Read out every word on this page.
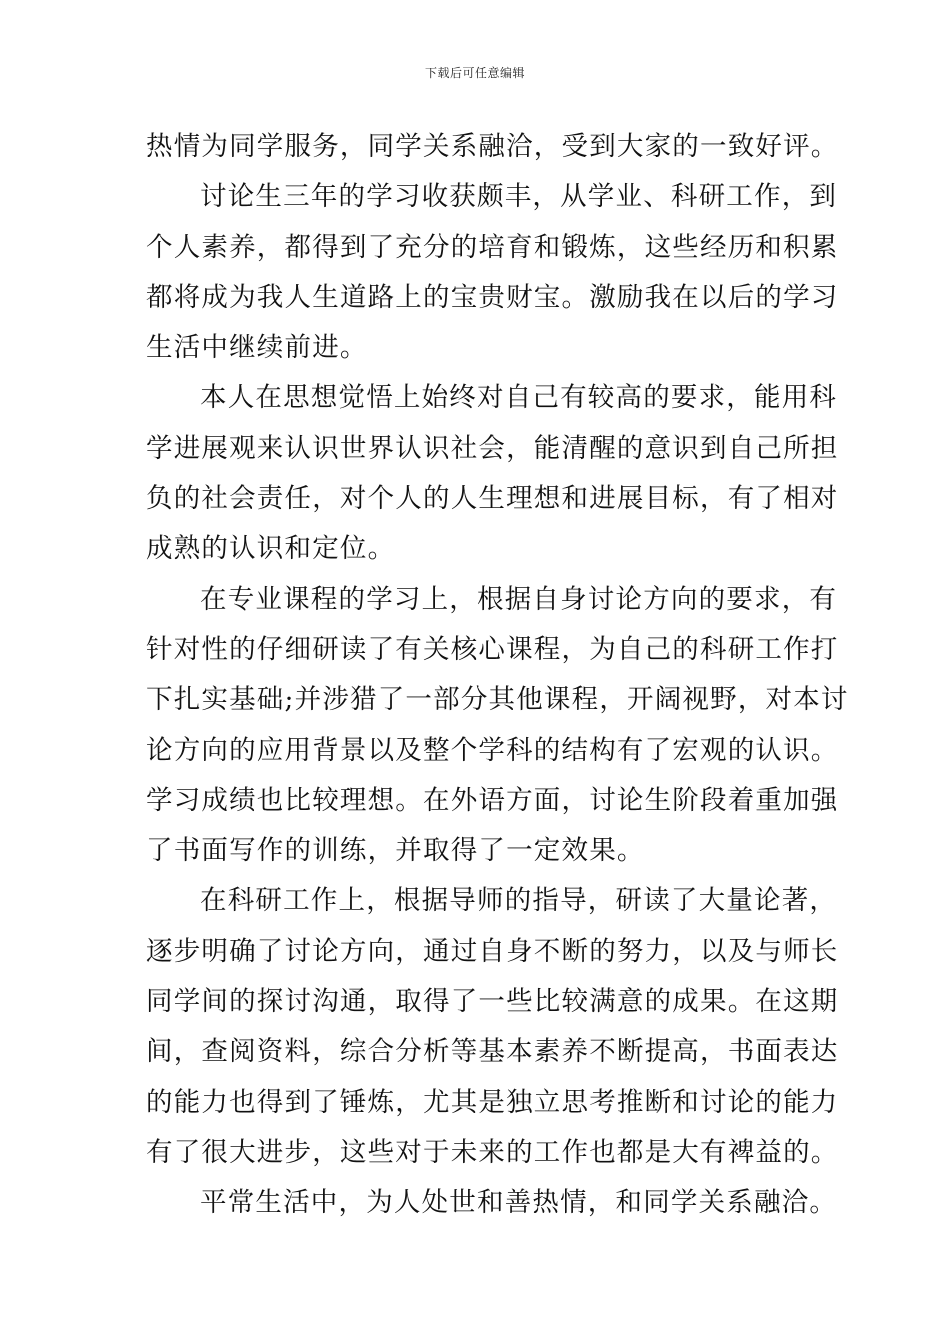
下载后可任意编辑
热情为同学服务，同学关系融洽，受到大家的一致好评。
讨论生三年的学习收获颇丰，从学业、科研工作，到
个人素养，都得到了充分的培育和锻炼，这些经历和积累
都将成为我人生道路上的宝贵财宝。激励我在以后的学习
生活中继续前进。
本人在思想觉悟上始终对自己有较高的要求，能用科
学进展观来认识世界认识社会，能清醒的意识到自己所担
负的社会责任，对个人的人生理想和进展目标，有了相对
成熟的认识和定位。
在专业课程的学习上，根据自身讨论方向的要求，有
针对性的仔细研读了有关核心课程，为自己的科研工作打
下扎实基础;并涉猎了一部分其他课程，开阔视野，对本讨
论方向的应用背景以及整个学科的结构有了宏观的认识。
学习成绩也比较理想。在外语方面，讨论生阶段着重加强
了书面写作的训练，并取得了一定效果。
在科研工作上，根据导师的指导，研读了大量论著，
逐步明确了讨论方向，通过自身不断的努力，以及与师长
同学间的探讨沟通，取得了一些比较满意的成果。在这期
间，查阅资料，综合分析等基本素养不断提高，书面表达
的能力也得到了锤炼，尤其是独立思考推断和讨论的能力
有了很大进步，这些对于未来的工作也都是大有裨益的。
平常生活中，为人处世和善热情，和同学关系融洽。
